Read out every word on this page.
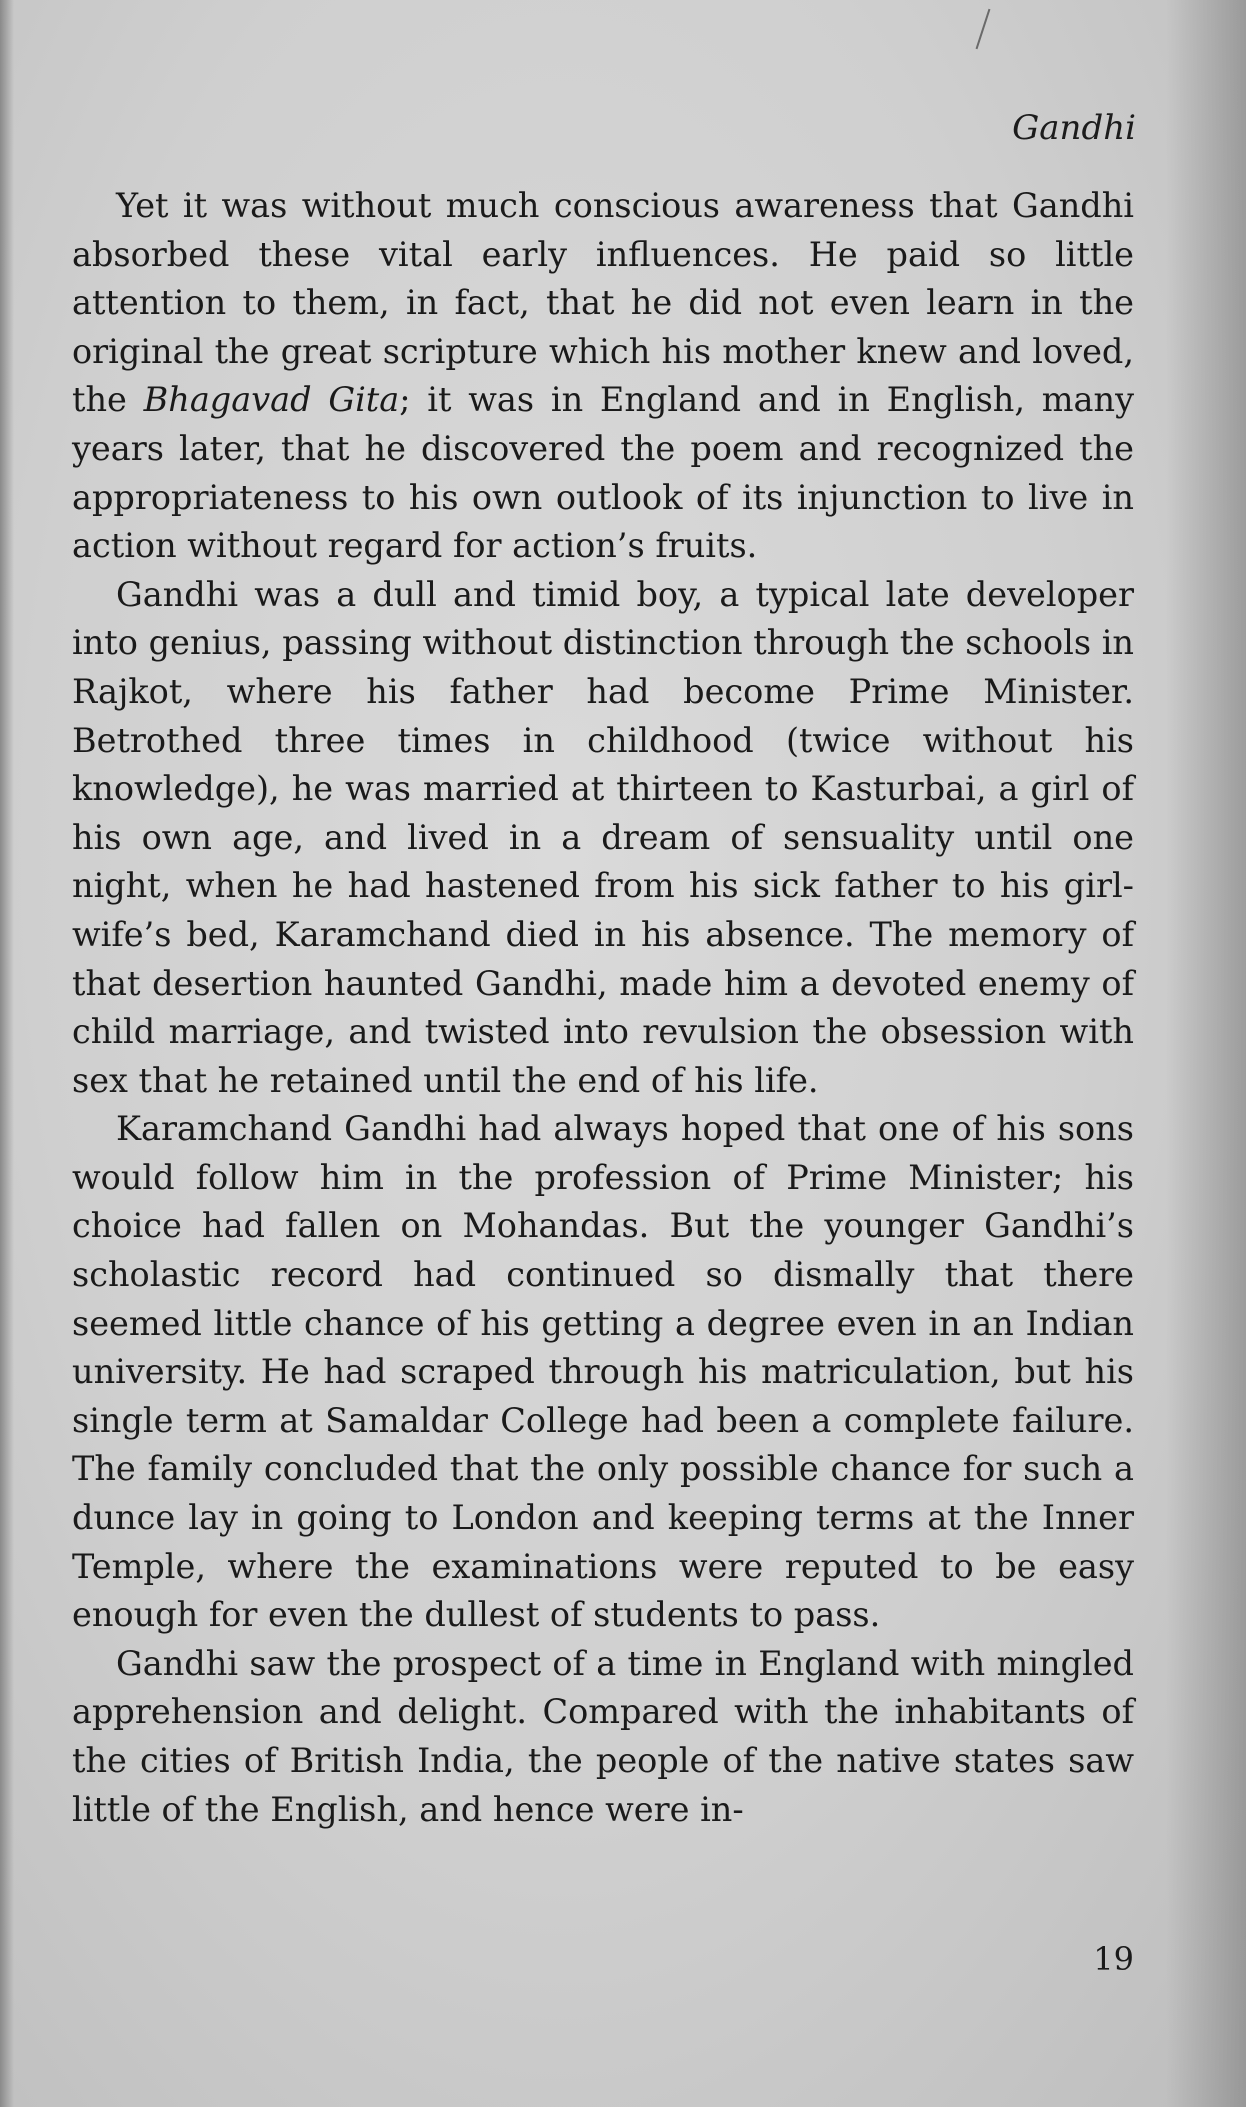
Gandhi

Yet it was without much conscious awareness that Gandhi absorbed these vital early influences. He paid so little attention to them, in fact, that he did not even learn in the original the great scripture which his mother knew and loved, the Bhagavad Gita; it was in England and in English, many years later, that he discovered the poem and recognized the appropriateness to his own outlook of its injunction to live in action without regard for action’s fruits.

Gandhi was a dull and timid boy, a typical late developer into genius, passing without distinction through the schools in Rajkot, where his father had become Prime Minister. Betrothed three times in childhood (twice without his knowledge), he was married at thirteen to Kasturbai, a girl of his own age, and lived in a dream of sensuality until one night, when he had hastened from his sick father to his girl-wife’s bed, Karamchand died in his absence. The memory of that desertion haunted Gandhi, made him a devoted enemy of child marriage, and twisted into revulsion the obsession with sex that he retained until the end of his life.

Karamchand Gandhi had always hoped that one of his sons would follow him in the profession of Prime Minister; his choice had fallen on Mohandas. But the younger Gandhi’s scholastic record had continued so dismally that there seemed little chance of his getting a degree even in an Indian university. He had scraped through his matriculation, but his single term at Samaldar College had been a complete failure. The family concluded that the only possible chance for such a dunce lay in going to London and keeping terms at the Inner Temple, where the examinations were reputed to be easy enough for even the dullest of students to pass.

Gandhi saw the prospect of a time in England with mingled apprehension and delight. Compared with the inhabitants of the cities of British India, the people of the native states saw little of the English, and hence were in-

19
